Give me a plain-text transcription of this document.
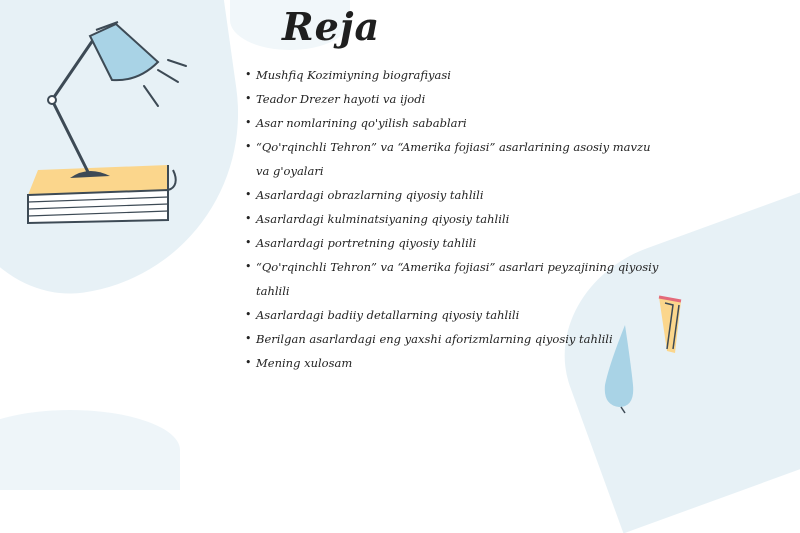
Reja
• Mushfiq Kozimiyning biografiyasi
• Teador Drezer hayoti va ijodi
• Asar nomlarining qo'yilish sabablari
• “Qo'rqinchli Tehron” va “Amerika fojiasi” asarlarining asosiy mavzu va g'oyalari
• Asarlardagi obrazlarning qiyosiy tahlili
• Asarlardagi kulminatsiyaning qiyosiy tahlili
• Asarlardagi portretning qiyosiy tahlili
• “Qo'rqinchli Tehron” va “Amerika fojiasi” asarlari peyzajining qiyosiy tahlili
• Asarlardagi badiiy detallarning qiyosiy tahlili
• Berilgan asarlardagi eng yaxshi aforizmlarning qiyosiy tahlili
• Mening xulosam
